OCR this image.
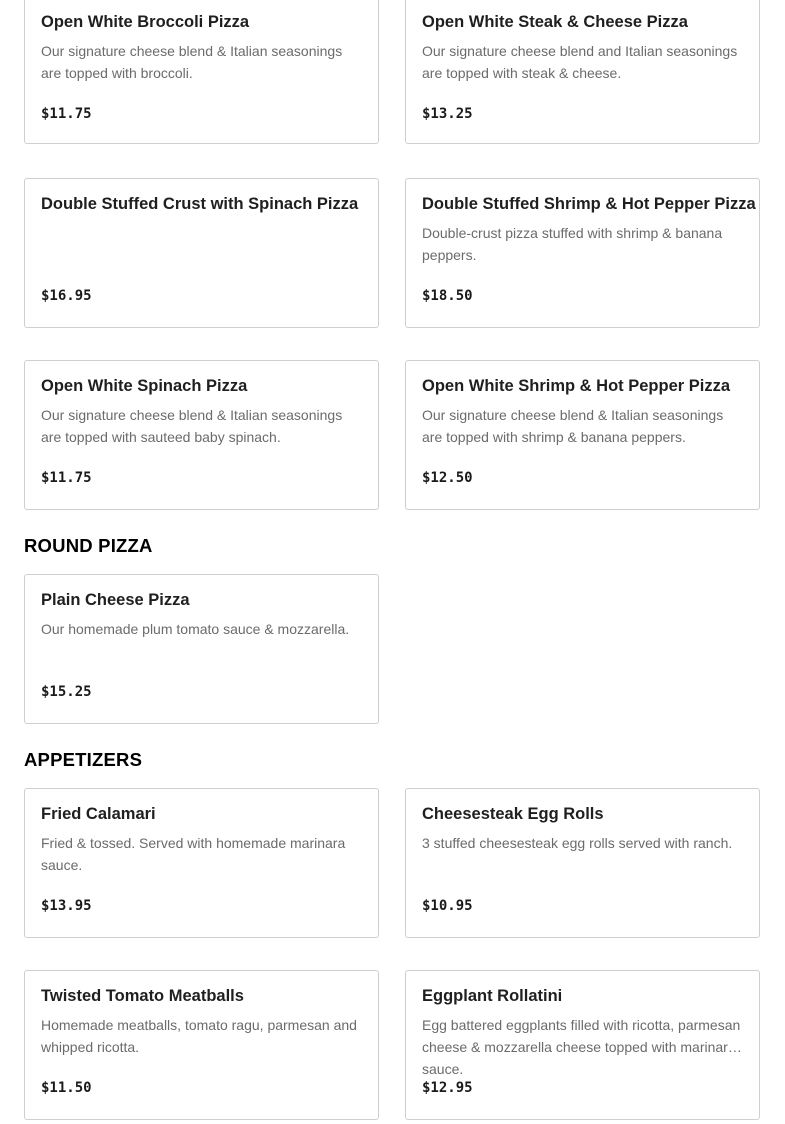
Open White Broccoli Pizza
Our signature cheese blend & Italian seasonings are topped with broccoli.
$11.75
Open White Steak & Cheese Pizza
Our signature cheese blend and Italian seasonings are topped with steak & cheese.
$13.25
Double Stuffed Crust with Spinach Pizza
$16.95
Double Stuffed Shrimp & Hot Pepper Pizza
Double-crust pizza stuffed with shrimp & banana peppers.
$18.50
Open White Spinach Pizza
Our signature cheese blend & Italian seasonings are topped with sauteed baby spinach.
$11.75
Open White Shrimp & Hot Pepper Pizza
Our signature cheese blend & Italian seasonings are topped with shrimp & banana peppers.
$12.50
ROUND PIZZA
Plain Cheese Pizza
Our homemade plum tomato sauce & mozzarella.
$15.25
APPETIZERS
Fried Calamari
Fried & tossed. Served with homemade marinara sauce.
$13.95
Cheesesteak Egg Rolls
3 stuffed cheesesteak egg rolls served with ranch.
$10.95
Twisted Tomato Meatballs
Homemade meatballs, tomato ragu, parmesan and whipped ricotta.
$11.50
Eggplant Rollatini
Egg battered eggplants filled with ricotta, parmesan cheese & mozzarella cheese topped with marinara sauce.
$12.95
